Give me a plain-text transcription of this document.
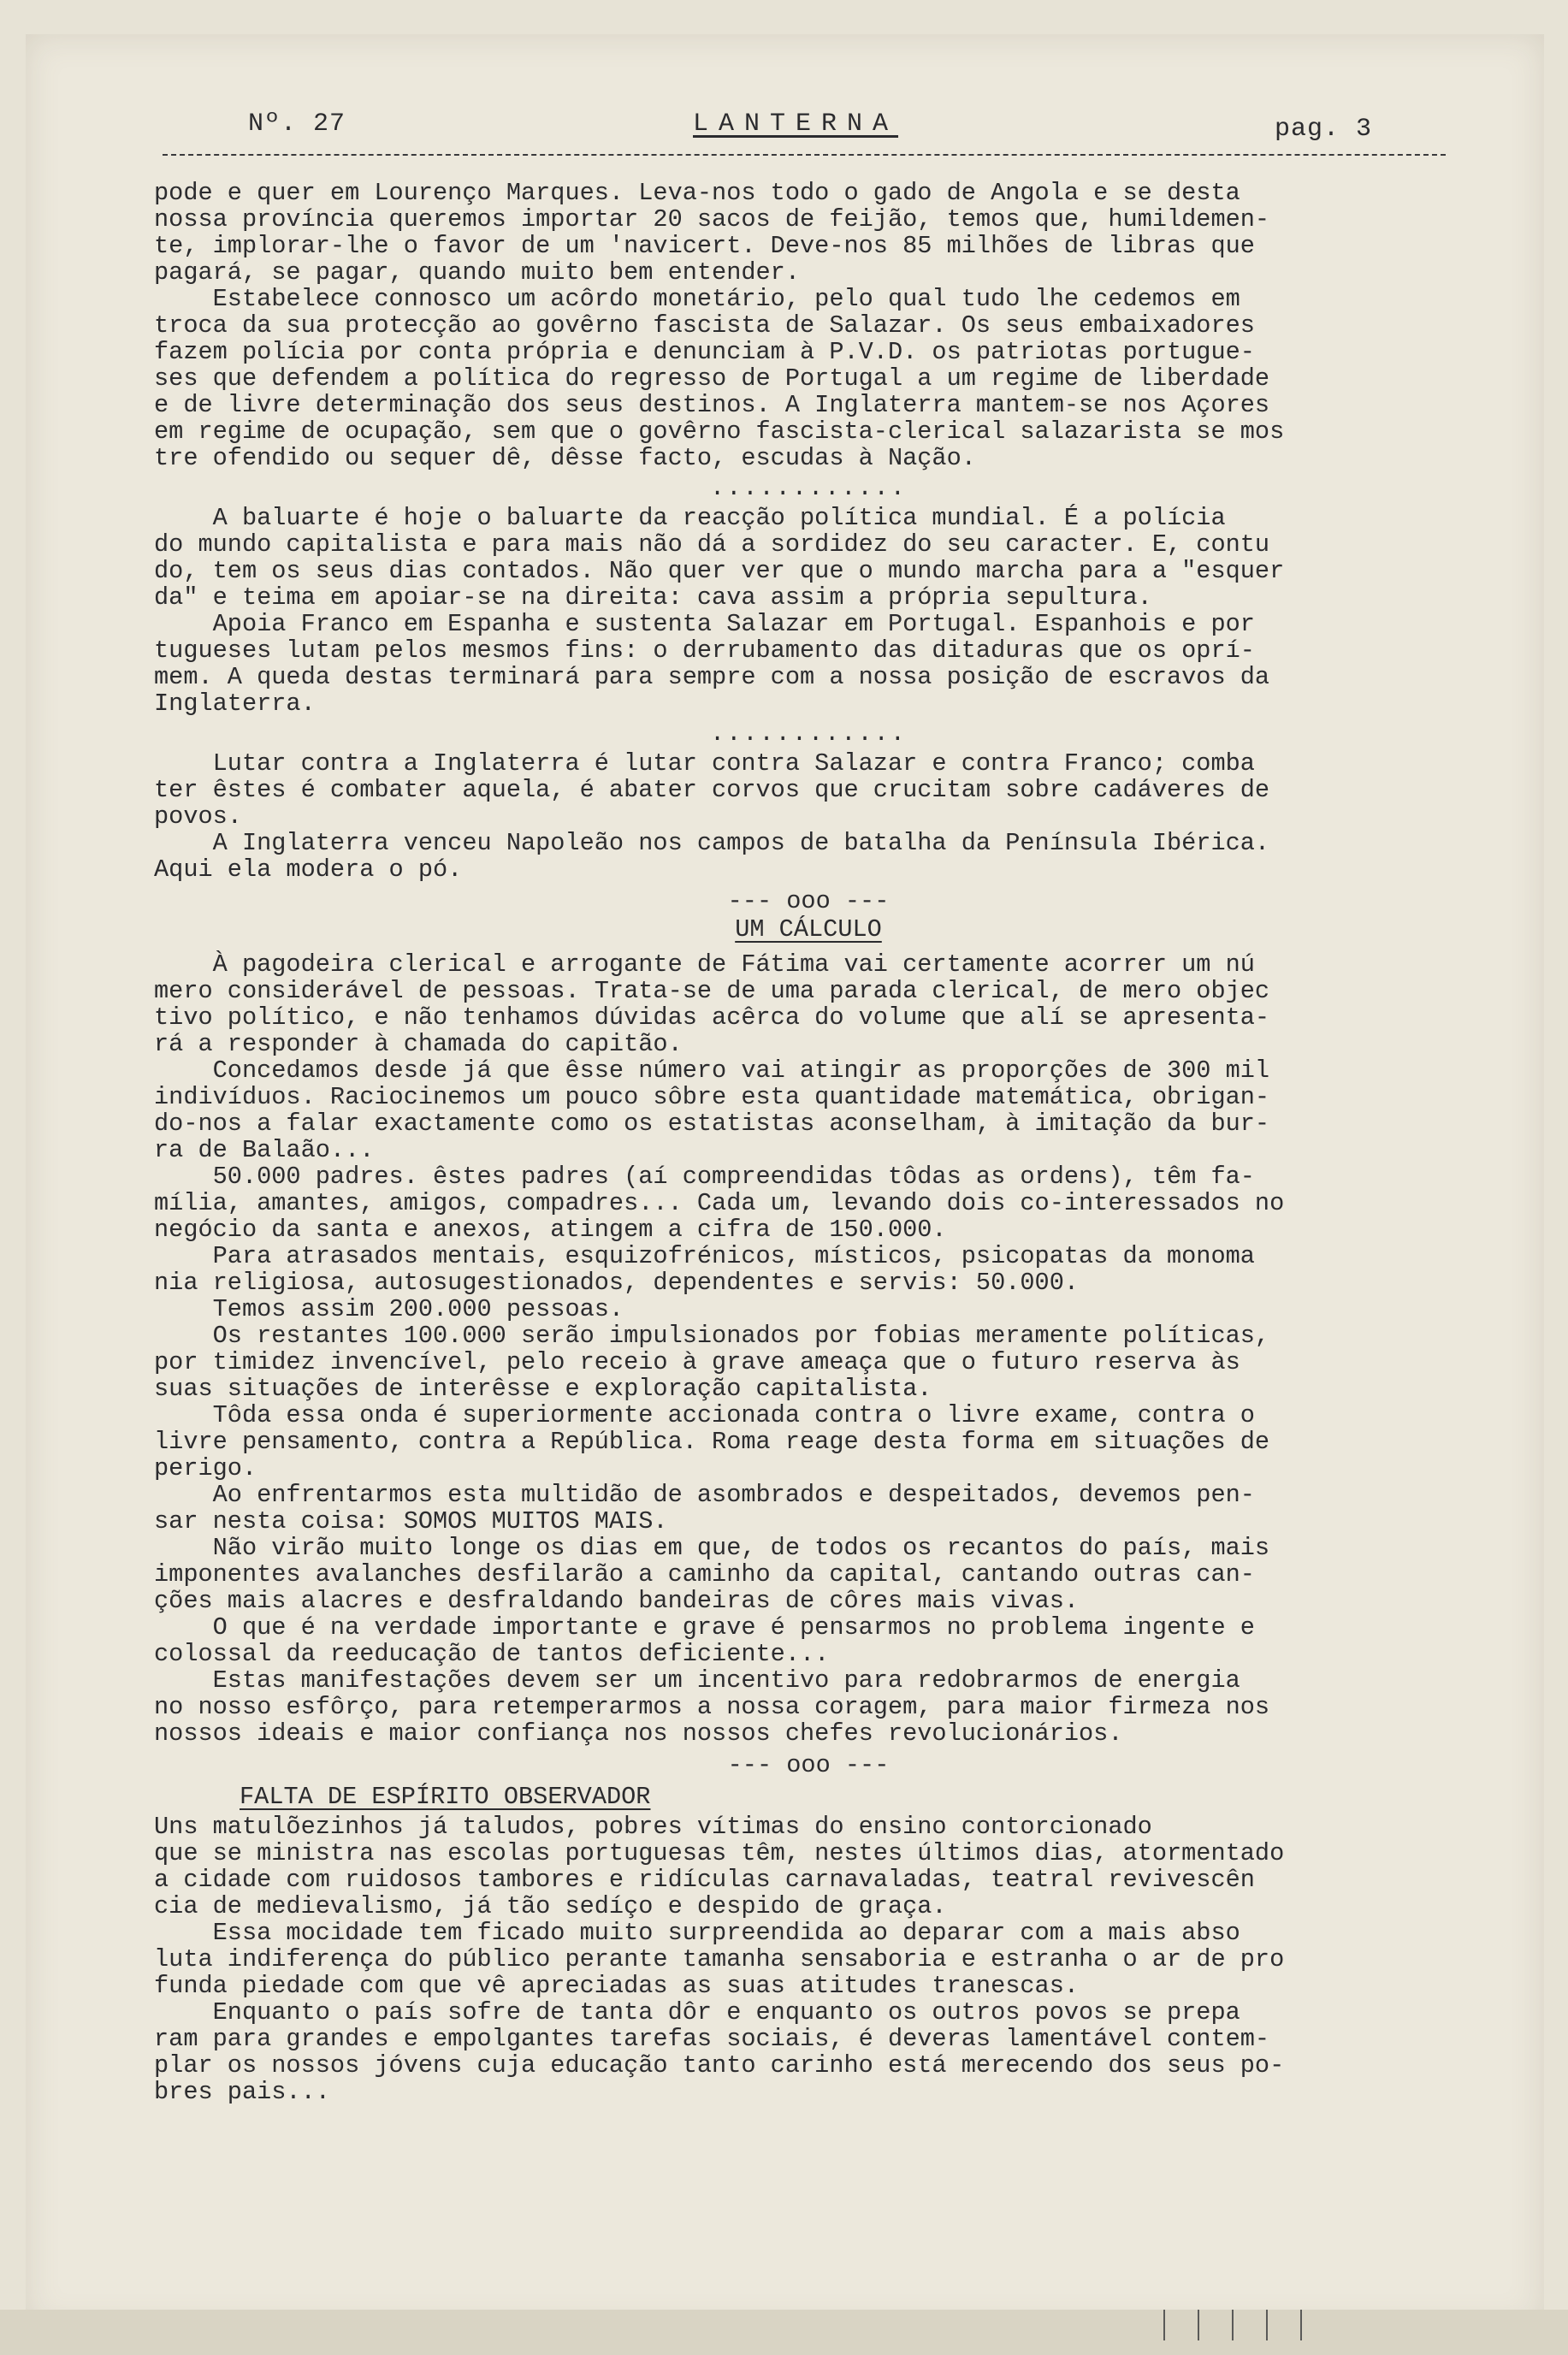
Nº. 27	LANTERNA	pag. 3

pode e quer em Lourenço Marques. Leva-nos todo o gado de Angola e se desta
nossa província queremos importar 20 sacos de feijão, temos que, humildemen-
te, implorar-lhe o favor de um 'navicert. Deve-nos 85 milhões de libras que
pagará, se pagar, quando muito bem entender.

Estabelece connosco um acôrdo monetário, pelo qual tudo lhe cedemos em
troca da sua protecção ao govêrno fascista de Salazar. Os seus embaixadores
fazem polícia por conta própria e denunciam à P.V.D. os patriotas portugue-
ses que defendem a política do regresso de Portugal a um regime de liberdade
e de livre determinação dos seus destinos. A Inglaterra mantem-se nos Açores
em regime de ocupação, sem que o govêrno fascista-clerical salazarista se mos
tre ofendido ou sequer dê, dêsse facto, escudas à Nação.

............

A baluarte é hoje o baluarte da reacção política mundial. É a polícia
do mundo capitalista e para mais não dá a sordidez do seu caracter. E, contu
do, tem os seus dias contados. Não quer ver que o mundo marcha para a "esquer
da" e teima em apoiar-se na direita: cava assim a própria sepultura.

Apoia Franco em Espanha e sustenta Salazar em Portugal. Espanhois e por
tugueses lutam pelos mesmos fins: o derrubamento das ditaduras que os oprí-
mem. A queda destas terminará para sempre com a nossa posição de escravos da
Inglaterra.

............

Lutar contra a Inglaterra é lutar contra Salazar e contra Franco; comba
ter êstes é combater aquela, é abater corvos que crucitam sobre cadáveres de
povos.

A Inglaterra venceu Napoleão nos campos de batalha da Península Ibérica.
Aqui ela modera o pó.

--- ooo ---
UM CÁLCULO

À pagodeira clerical e arrogante de Fátima vai certamente acorrer um nú
mero considerável de pessoas. Trata-se de uma parada clerical, de mero objec
tivo político, e não tenhamos dúvidas acêrca do volume que alí se apresenta-
rá a responder à chamada do capitão.

Concedamos desde já que êsse número vai atingir as proporções de 300 mil
indivíduos. Raciocinemos um pouco sôbre esta quantidade matemática, obrigan-
do-nos a falar exactamente como os estatistas aconselham, à imitação da bur-
ra de Balaão...

50.000 padres. êstes padres (aí compreendidas tôdas as ordens), têm fa-
mília, amantes, amigos, compadres... Cada um, levando dois co-interessados no
negócio da santa e anexos, atingem a cifra de 150.000.

Para atrasados mentais, esquizofrénicos, místicos, psicopatas da monoma
nia religiosa, autosugestionados, dependentes e servis: 50.000.

Temos assim 200.000 pessoas.

Os restantes 100.000 serão impulsionados por fobias meramente políticas,
por timidez invencível, pelo receio à grave ameaça que o futuro reserva às
suas situações de interêsse e exploração capitalista.

Tôda essa onda é superiormente accionada contra o livre exame, contra o
livre pensamento, contra a República. Roma reage desta forma em situações de
perigo.

Ao enfrentarmos esta multidão de asombrados e despeitados, devemos pen-
sar nesta coisa: SOMOS MUITOS MAIS.

Não virão muito longe os dias em que, de todos os recantos do país, mais
imponentes avalanches desfilarão a caminho da capital, cantando outras can-
ções mais alacres e desfraldando bandeiras de côres mais vivas.

O que é na verdade importante e grave é pensarmos no problema ingente e
colossal da reeducação de tantos deficiente...

Estas manifestações devem ser um incentivo para redobrarmos de energia
no nosso esfôrço, para retemperarmos a nossa coragem, para maior firmeza nos
nossos ideais e maior confiança nos nossos chefes revolucionários.

--- ooo ---
FALTA DE ESPÍRITO OBSERVADOR

Uns matulõezinhos já taludos, pobres vítimas do ensino contorcionado
que se ministra nas escolas portuguesas têm, nestes últimos dias, atormentado
a cidade com ruidosos tambores e ridículas carnavaladas, teatral revivescên
cia de medievalismo, já tão sedíço e despido de graça.

Essa mocidade tem ficado muito surpreendida ao deparar com a mais abso
luta indiferença do público perante tamanha sensaboria e estranha o ar de pro
funda piedade com que vê apreciadas as suas atitudes tranescas.

Enquanto o país sofre de tanta dôr e enquanto os outros povos se prepa
ram para grandes e empolgantes tarefas sociais, é deveras lamentável contem-
plar os nossos jóvens cuja educação tanto carinho está merecendo dos seus po-
bres pais...
